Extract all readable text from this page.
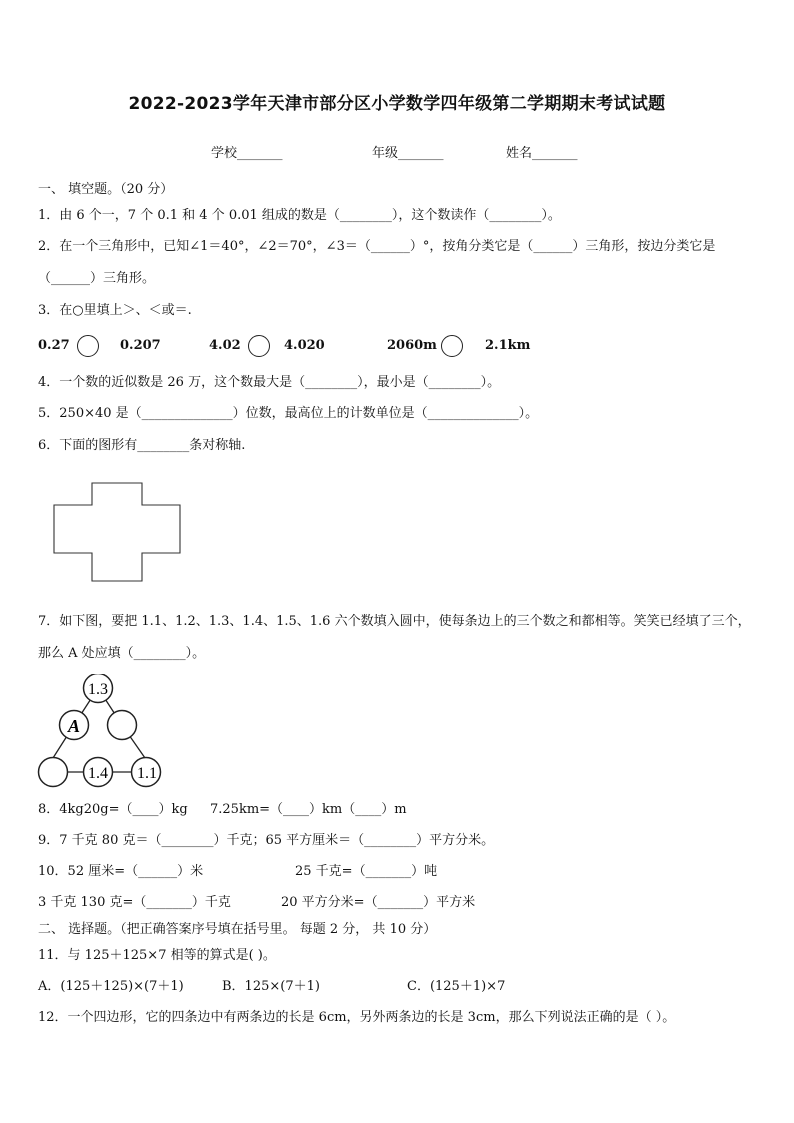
2022-2023学年天津市部分区小学数学四年级第二学期期末考试试题
学校_______	年级_______	姓名_______
一、 填空题。（20 分）
1．由 6 个一，7 个 0.1 和 4 个 0.01 组成的数是（________），这个数读作（________）。
2．在一个三角形中，已知∠1＝40°，∠2＝70°，∠3＝（______）°，按角分类它是（______）三角形，按边分类它是
（______）三角形。
3．在○里填上＞、＜或＝.
0.27	0.207	4.02	4.020	2060m	2.1km
4．一个数的近似数是 26 万，这个数最大是（________），最小是（________）。
5．250×40 是（______________）位数，最高位上的计数单位是（______________）。
6．下面的图形有________条对称轴.
7．如下图，要把 1.1、1.2、1.3、1.4、1.5、1.6 六个数填入圆中，使每条边上的三个数之和都相等。笑笑已经填了三个，
那么 A 处应填（________）。
1.3
A
1.4 1.1
8．4kg20g=（____）kg 7.25km=（____）km（____）m
9．7 千克 80 克＝（________）千克；65 平方厘米＝（________）平方分米。
10．52 厘米=（______）米	25 千克=（_______）吨
3 千克 130 克=（_______）千克	20 平方分米=（_______）平方米
二、 选择题。（把正确答案序号填在括号里。 每题 2 分， 共 10 分）
11．与 125＋125×7 相等的算式是( )。
A．(125＋125)×(7＋1)	B．125×(7＋1)	C．(125＋1)×7
12．一个四边形，它的四条边中有两条边的长是 6cm，另外两条边的长是 3cm，那么下列说法正确的是（ ）。
